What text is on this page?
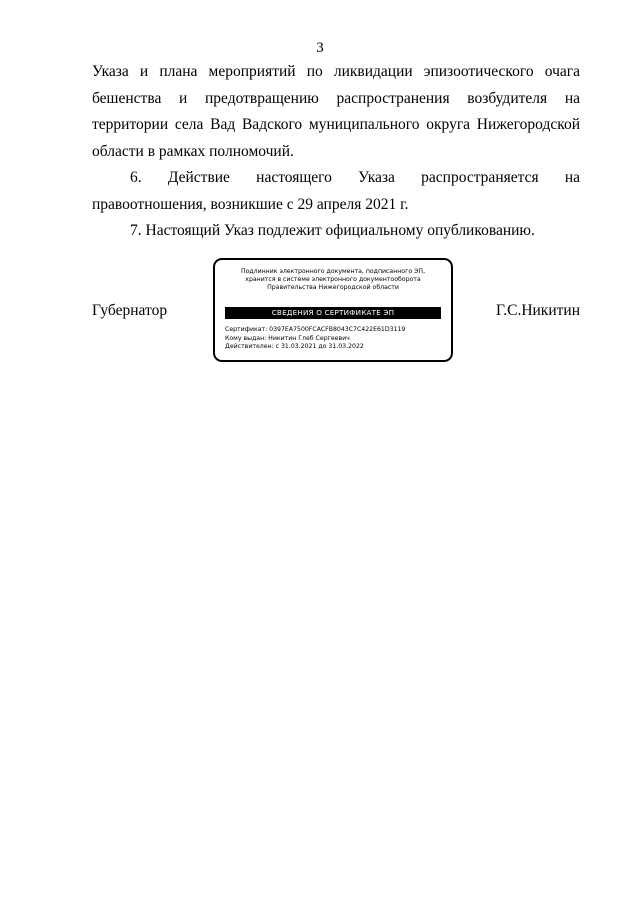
3

Указа и плана мероприятий по ликвидации эпизоотического очага бешенства и предотвращению распространения возбудителя на территории села Вад Вадского муниципального округа Нижегородской области в рамках полномочий.

6. Действие настоящего Указа распространяется на правоотношения, возникшие с 29 апреля 2021 г.

7. Настоящий Указ подлежит официальному опубликованию.

Губернатор
Подлинник электронного документа, подписанного ЭП,
хранится в системе электронного документооборота
Правительства Нижегородской области
СВЕДЕНИЯ О СЕРТИФИКАТЕ ЭП
Сертификат: 0397EA7500FCACFB8043C7C422E61D3119
Кому выдан: Никитин Глеб Сергеевич
Действителен: с 31.03.2021 до 31.03.2022
Г.С.Никитин
